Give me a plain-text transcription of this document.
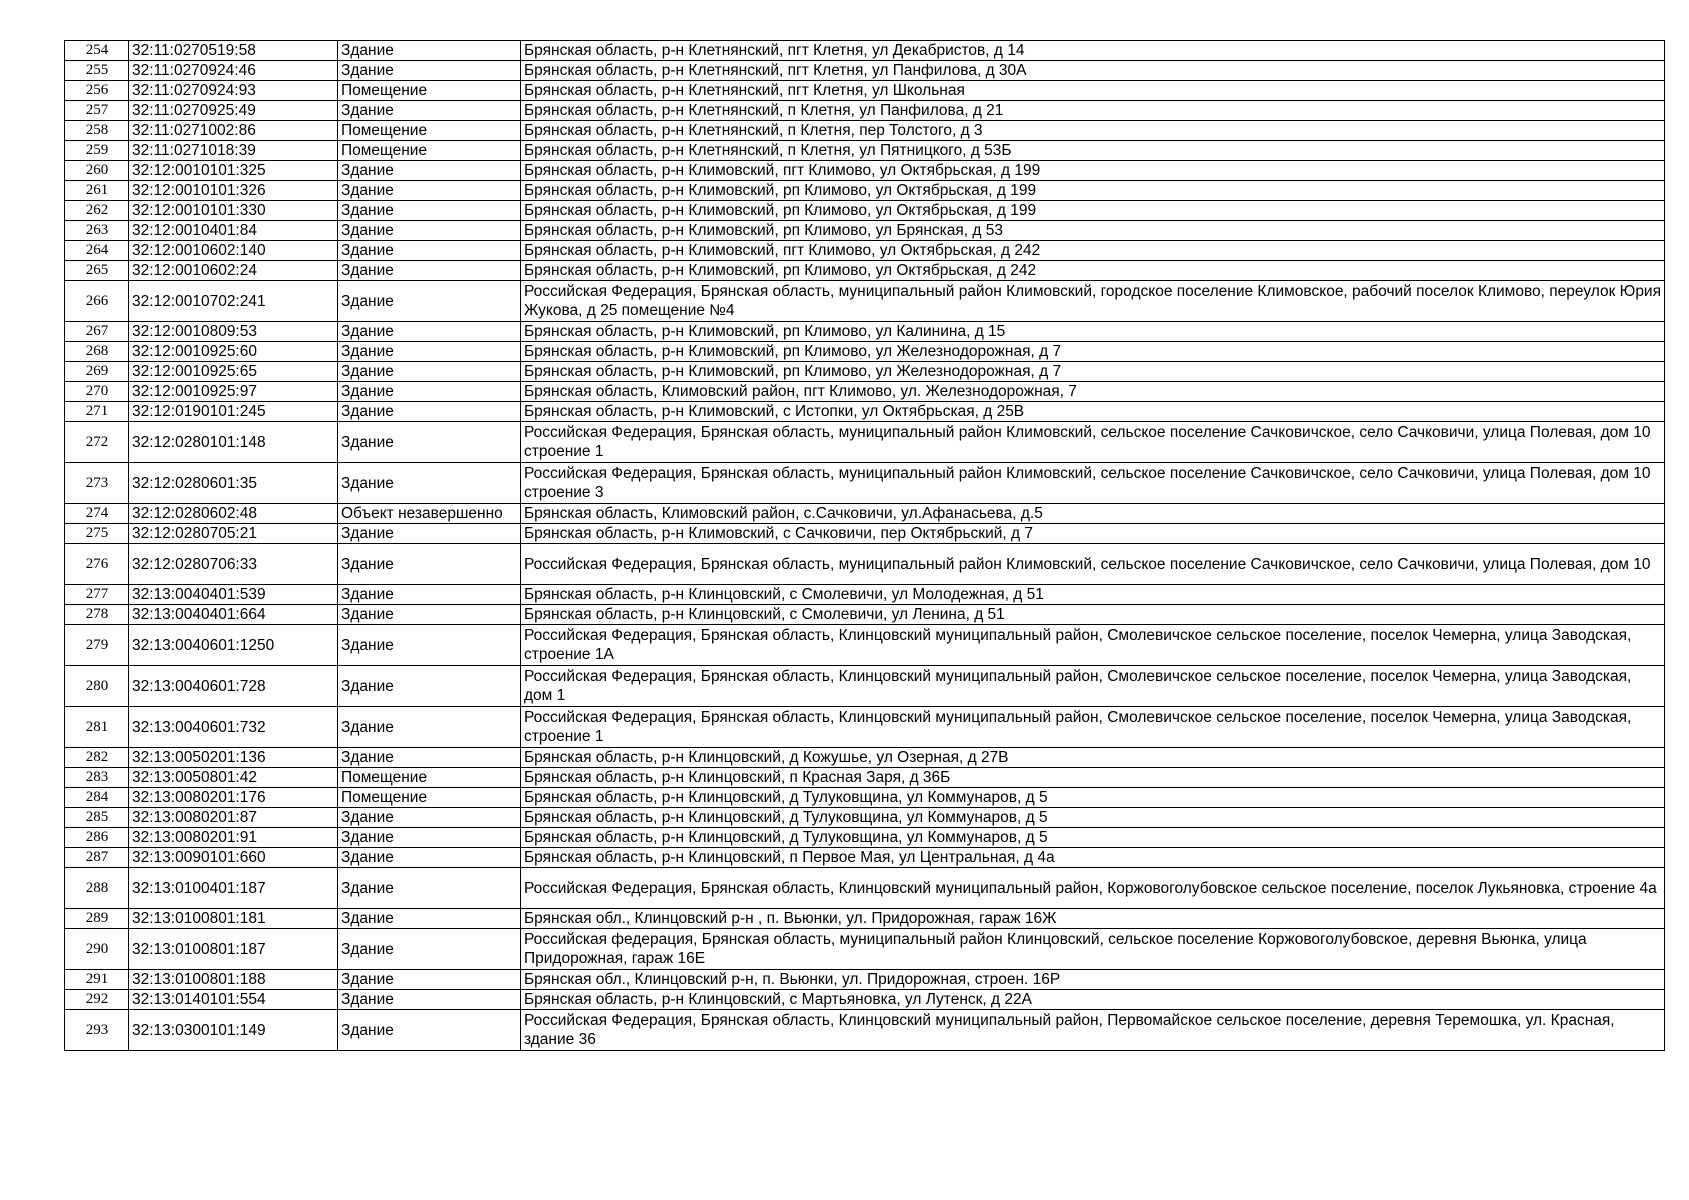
254	32:11:0270519:58	Здание	Брянская область, р-н Клетнянский, пгт Клетня, ул Декабристов, д 14
255	32:11:0270924:46	Здание	Брянская область, р-н Клетнянский, пгт Клетня, ул Панфилова, д 30А
256	32:11:0270924:93	Помещение	Брянская область, р-н Клетнянский, пгт Клетня, ул Школьная
257	32:11:0270925:49	Здание	Брянская область, р-н Клетнянский, п Клетня, ул Панфилова, д 21
258	32:11:0271002:86	Помещение	Брянская область, р-н Клетнянский, п Клетня, пер Толстого, д 3
259	32:11:0271018:39	Помещение	Брянская область, р-н Клетнянский, п Клетня, ул Пятницкого, д 53Б
260	32:12:0010101:325	Здание	Брянская область, р-н Климовский, пгт Климово, ул Октябрьская, д 199
261	32:12:0010101:326	Здание	Брянская область, р-н Климовский, рп Климово, ул Октябрьская, д 199
262	32:12:0010101:330	Здание	Брянская область, р-н Климовский, рп Климово, ул Октябрьская, д 199
263	32:12:0010401:84	Здание	Брянская область, р-н Климовский, рп Климово, ул Брянская, д 53
264	32:12:0010602:140	Здание	Брянская область, р-н Климовский, пгт Климово, ул Октябрьская, д 242
265	32:12:0010602:24	Здание	Брянская область, р-н Климовский, рп Климово, ул Октябрьская, д 242
266	32:12:0010702:241	Здание	Российская Федерация, Брянская область, муниципальный район Климовский, городское поселение Климовское, рабочий поселок Климово, переулок Юрия Жукова, д 25 помещение №4
267	32:12:0010809:53	Здание	Брянская область, р-н Климовский, рп Климово, ул Калинина, д 15
268	32:12:0010925:60	Здание	Брянская область, р-н Климовский, рп Климово, ул Железнодорожная, д 7
269	32:12:0010925:65	Здание	Брянская область, р-н Климовский, рп Климово, ул Железнодорожная, д 7
270	32:12:0010925:97	Здание	Брянская область, Климовский район, пгт Климово, ул. Железнодорожная, 7
271	32:12:0190101:245	Здание	Брянская область, р-н Климовский, с Истопки, ул Октябрьская, д 25В
272	32:12:0280101:148	Здание	Российская Федерация, Брянская область, муниципальный район Климовский, сельское поселение Сачковичское, село Сачковичи, улица Полевая, дом 10 строение 1
273	32:12:0280601:35	Здание	Российская Федерация, Брянская область, муниципальный район Климовский, сельское поселение Сачковичское, село Сачковичи, улица Полевая, дом 10 строение 3
274	32:12:0280602:48	Объект незавершенно	Брянская область, Климовский район, с.Сачковичи, ул.Афанасьева, д.5
275	32:12:0280705:21	Здание	Брянская область, р-н Климовский, с Сачковичи, пер Октябрьский, д 7
276	32:12:0280706:33	Здание	Российская Федерация, Брянская область, муниципальный район Климовский, сельское поселение Сачковичское, село Сачковичи, улица Полевая, дом 10
277	32:13:0040401:539	Здание	Брянская область, р-н Клинцовский, с Смолевичи, ул Молодежная, д 51
278	32:13:0040401:664	Здание	Брянская область, р-н Клинцовский, с Смолевичи, ул Ленина, д 51
279	32:13:0040601:1250	Здание	Российская Федерация, Брянская область, Клинцовский муниципальный район, Смолевичское сельское поселение, поселок Чемерна, улица Заводская, строение 1А
280	32:13:0040601:728	Здание	Российская Федерация, Брянская область, Клинцовский муниципальный район, Смолевичское сельское поселение, поселок Чемерна, улица Заводская, дом 1
281	32:13:0040601:732	Здание	Российская Федерация, Брянская область, Клинцовский муниципальный район, Смолевичское сельское поселение, поселок Чемерна, улица Заводская, строение 1
282	32:13:0050201:136	Здание	Брянская область, р-н Клинцовский, д Кожушье, ул Озерная, д 27В
283	32:13:0050801:42	Помещение	Брянская область, р-н Клинцовский, п Красная Заря, д 36Б
284	32:13:0080201:176	Помещение	Брянская область, р-н Клинцовский, д Тулуковщина, ул Коммунаров, д 5
285	32:13:0080201:87	Здание	Брянская область, р-н Клинцовский, д Тулуковщина, ул Коммунаров, д 5
286	32:13:0080201:91	Здание	Брянская область, р-н Клинцовский, д Тулуковщина, ул Коммунаров, д 5
287	32:13:0090101:660	Здание	Брянская область, р-н Клинцовский, п Первое Мая, ул Центральная, д 4а
288	32:13:0100401:187	Здание	Российская Федерация, Брянская область, Клинцовский муниципальный район, Коржовоголубовское сельское поселение, поселок Лукьяновка, строение 4а
289	32:13:0100801:181	Здание	Брянская обл., Клинцовский р-н , п. Вьюнки, ул. Придорожная, гараж 16Ж
290	32:13:0100801:187	Здание	Российская федерация, Брянская область, муниципальный район Клинцовский, сельское поселение Коржовоголубовское, деревня Вьюнка, улица Придорожная, гараж 16Е
291	32:13:0100801:188	Здание	Брянская обл., Клинцовский р-н, п. Вьюнки, ул. Придорожная, строен. 16Р
292	32:13:0140101:554	Здание	Брянская область, р-н Клинцовский, с Мартьяновка, ул Лутенск, д 22А
293	32:13:0300101:149	Здание	Российская Федерация, Брянская область, Клинцовский муниципальный район, Первомайское сельское поселение, деревня Теремошка, ул. Красная, здание 36
